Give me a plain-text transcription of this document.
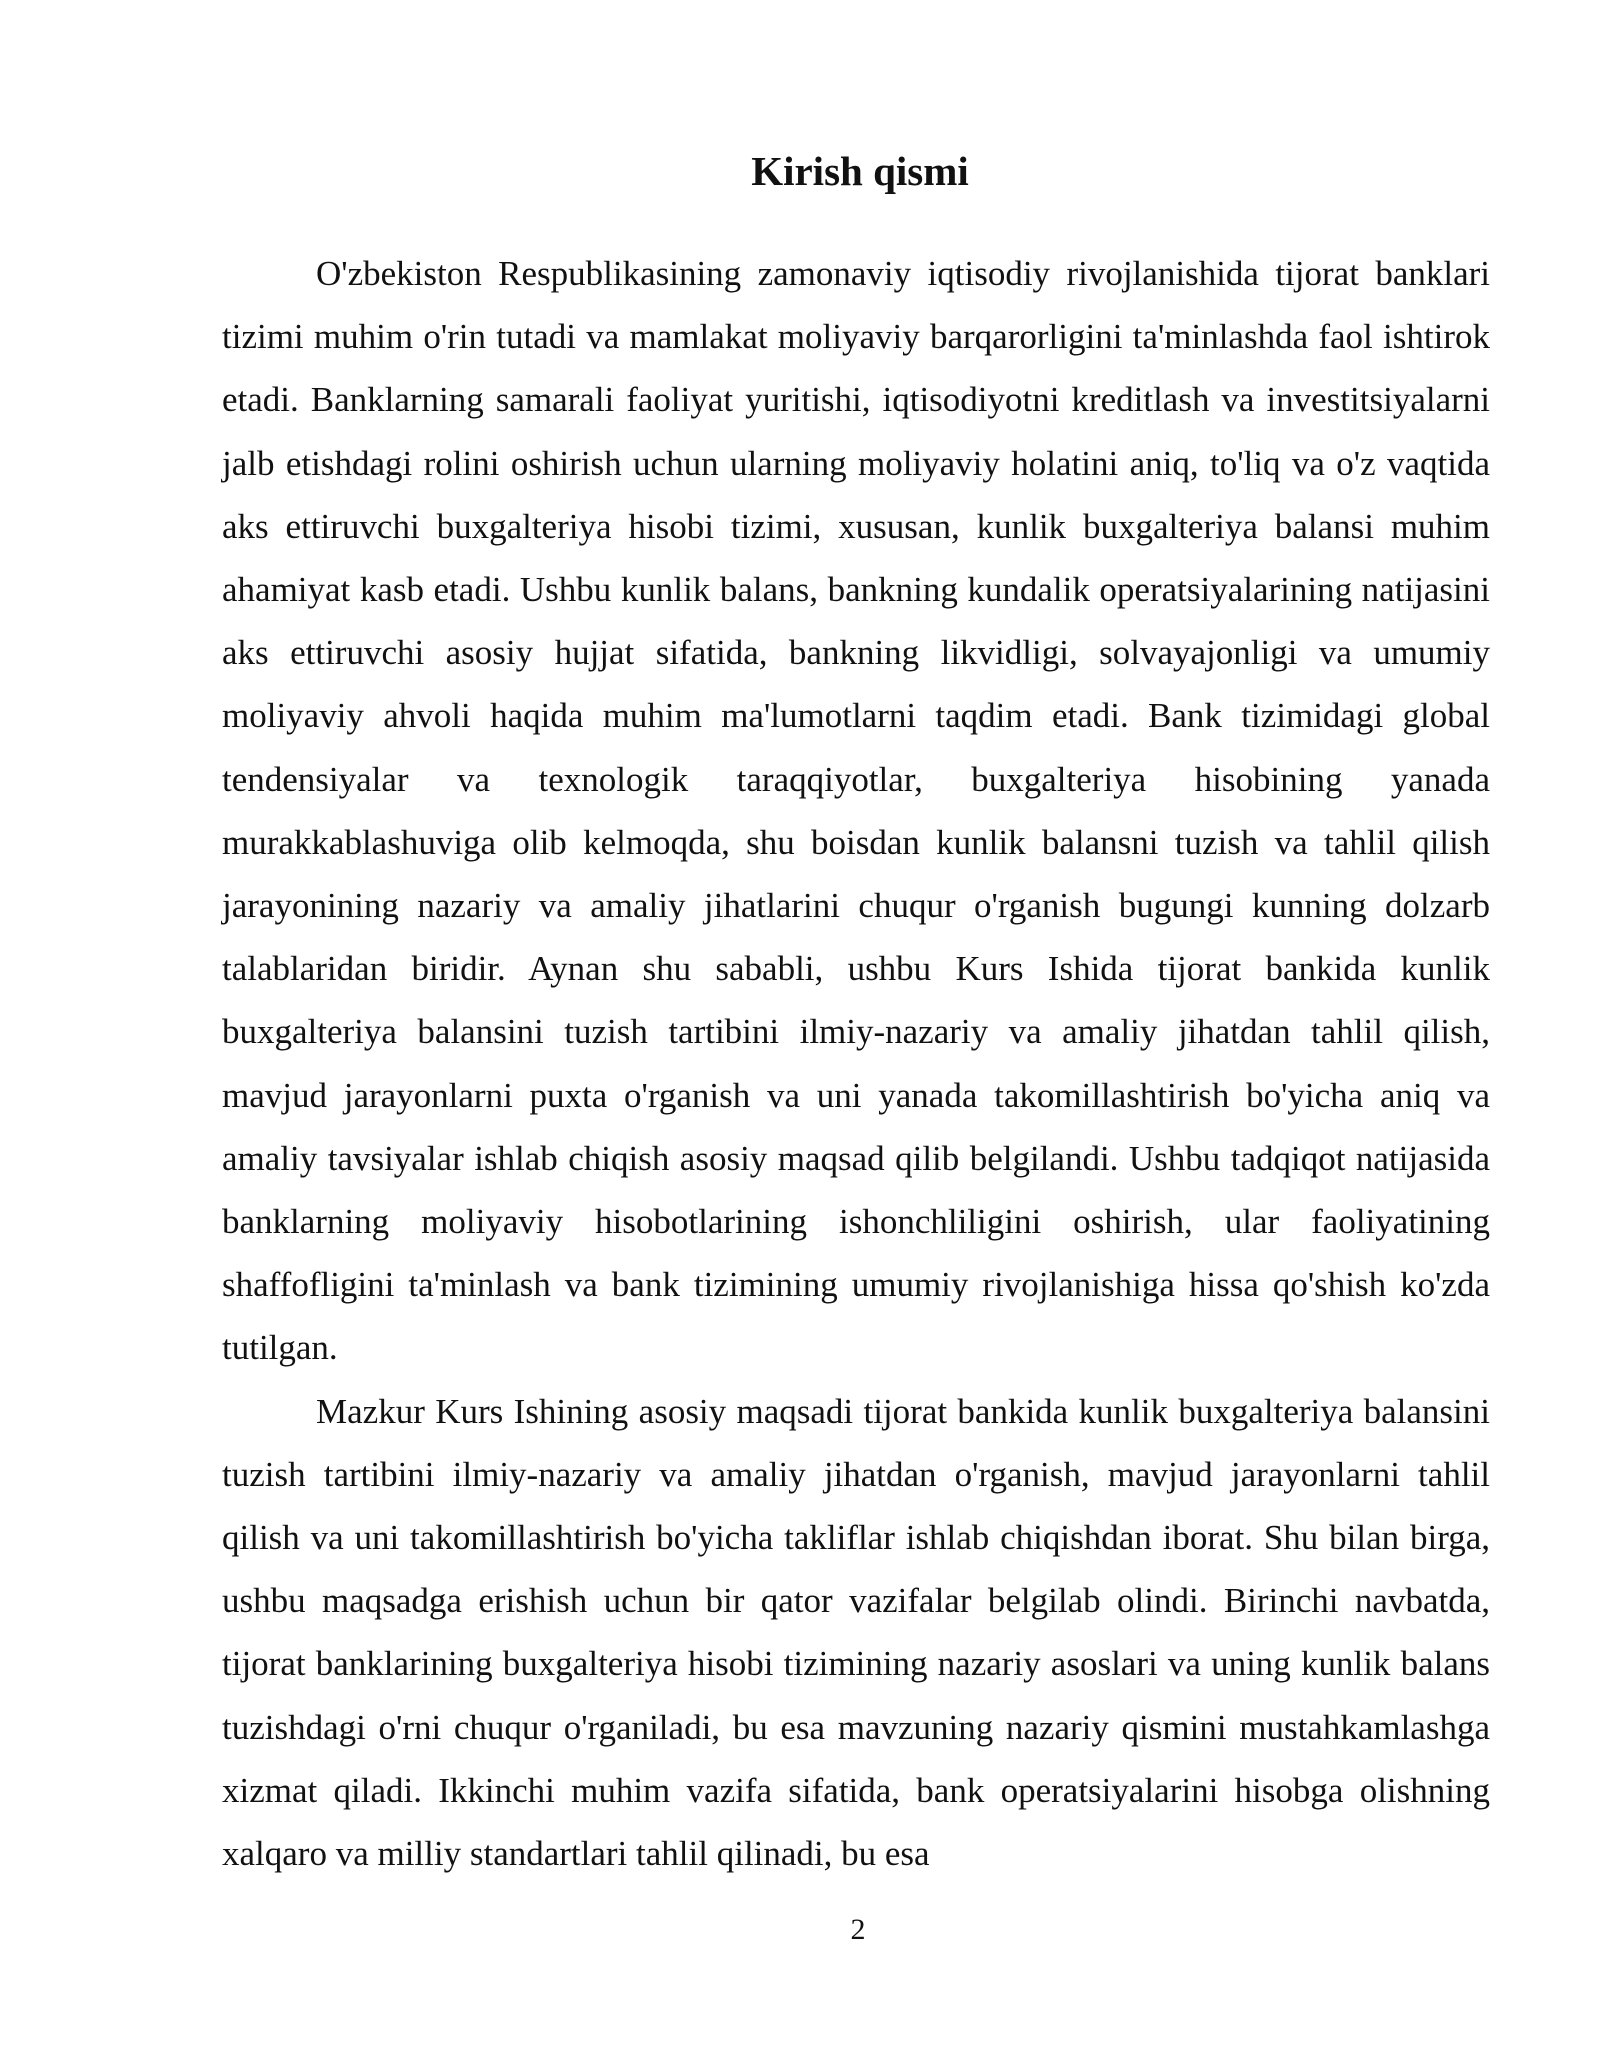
Kirish qismi

O'zbekiston Respublikasining zamonaviy iqtisodiy rivojlanishida tijorat banklari tizimi muhim o'rin tutadi va mamlakat moliyaviy barqarorligini ta'minlashda faol ishtirok etadi. Banklarning samarali faoliyat yuritishi, iqtisodiyotni kreditlash va investitsiyalarni jalb etishdagi rolini oshirish uchun ularning moliyaviy holatini aniq, to'liq va o'z vaqtida aks ettiruvchi buxgalteriya hisobi tizimi, xususan, kunlik buxgalteriya balansi muhim ahamiyat kasb etadi. Ushbu kunlik balans, bankning kundalik operatsiyalarining natijasini aks ettiruvchi asosiy hujjat sifatida, bankning likvidligi, solvayajonligi va umumiy moliyaviy ahvoli haqida muhim ma'lumotlarni taqdim etadi. Bank tizimidagi global tendensiyalar va texnologik taraqqiyotlar, buxgalteriya hisobining yanada murakkablashuviga olib kelmoqda, shu boisdan kunlik balansni tuzish va tahlil qilish jarayonining nazariy va amaliy jihatlarini chuqur o'rganish bugungi kunning dolzarb talablaridan biridir. Aynan shu sababli, ushbu Kurs Ishida tijorat bankida kunlik buxgalteriya balansini tuzish tartibini ilmiy-nazariy va amaliy jihatdan tahlil qilish, mavjud jarayonlarni puxta o'rganish va uni yanada takomillashtirish bo'yicha aniq va amaliy tavsiyalar ishlab chiqish asosiy maqsad qilib belgilandi. Ushbu tadqiqot natijasida banklarning moliyaviy hisobotlarining ishonchliligini oshirish, ular faoliyatining shaffofligini ta'minlash va bank tizimining umumiy rivojlanishiga hissa qo'shish ko'zda tutilgan.

Mazkur Kurs Ishining asosiy maqsadi tijorat bankida kunlik buxgalteriya balansini tuzish tartibini ilmiy-nazariy va amaliy jihatdan o'rganish, mavjud jarayonlarni tahlil qilish va uni takomillashtirish bo'yicha takliflar ishlab chiqishdan iborat. Shu bilan birga, ushbu maqsadga erishish uchun bir qator vazifalar belgilab olindi. Birinchi navbatda, tijorat banklarining buxgalteriya hisobi tizimining nazariy asoslari va uning kunlik balans tuzishdagi o'rni chuqur o'rganiladi, bu esa mavzuning nazariy qismini mustahkamlashga xizmat qiladi. Ikkinchi muhim vazifa sifatida, bank operatsiyalarini hisobga olishning xalqaro va milliy standartlari tahlil qilinadi, bu esa

2
